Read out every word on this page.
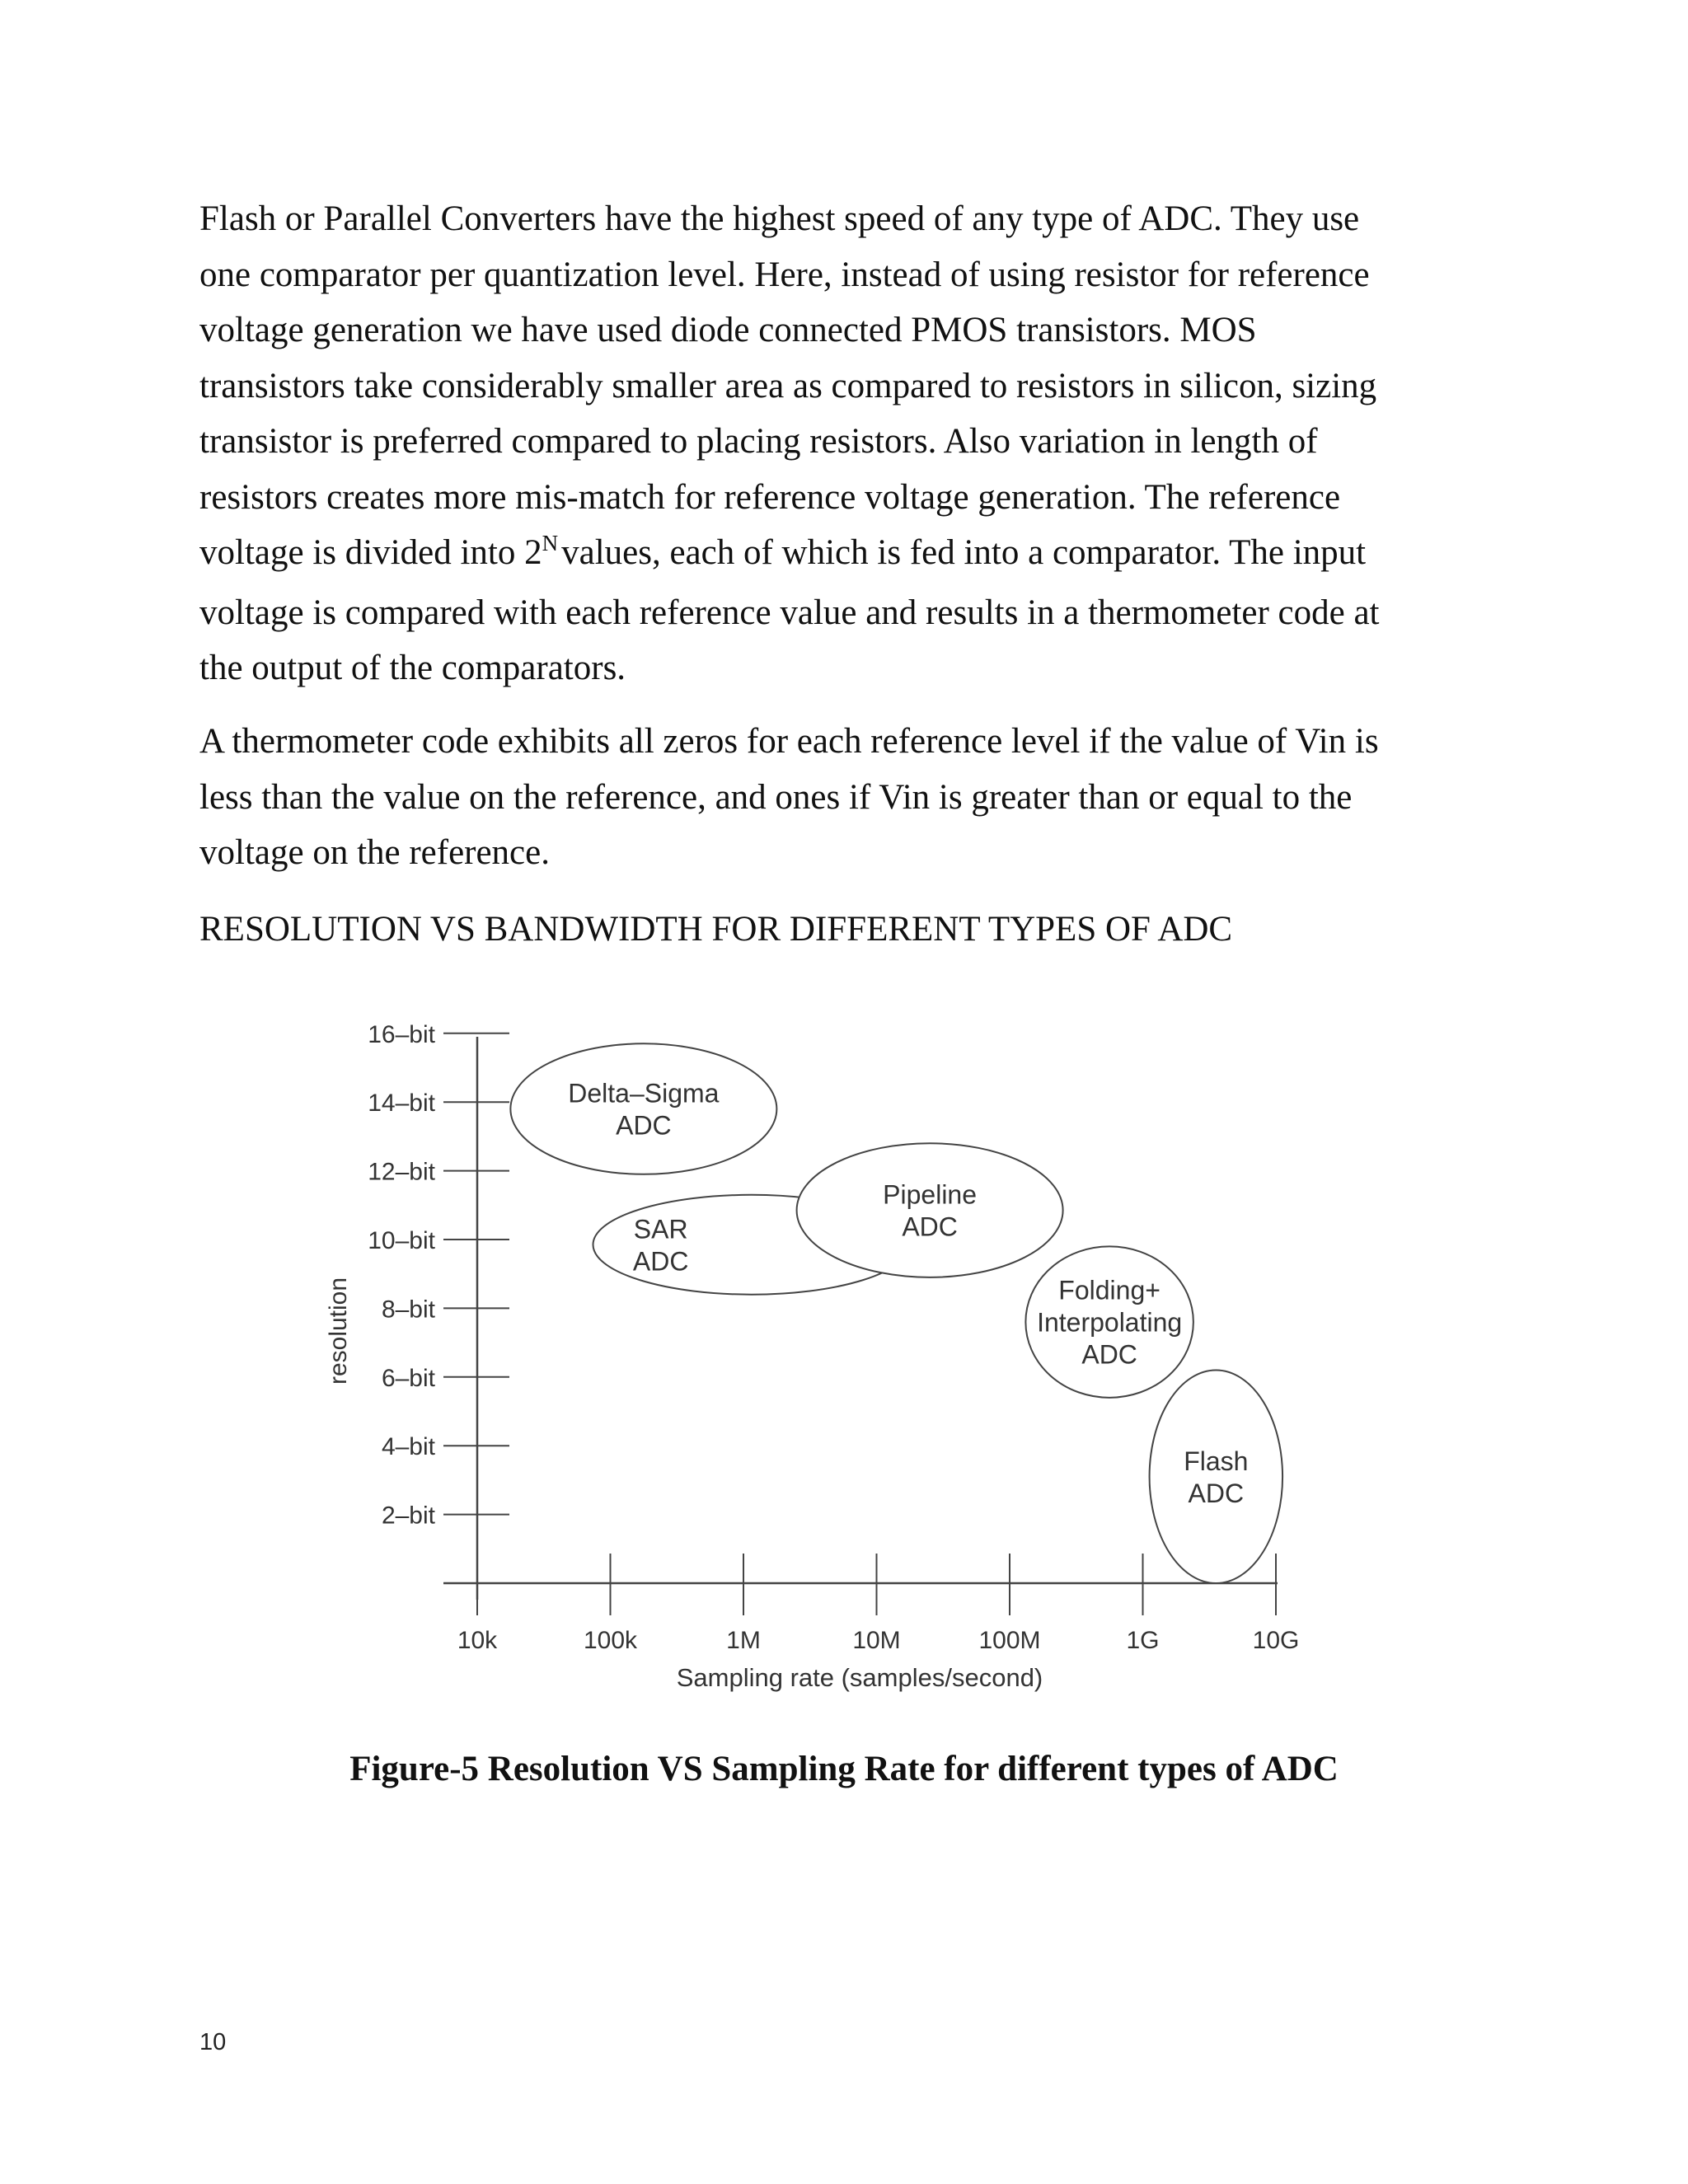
Flash or Parallel Converters have the highest speed of any type of ADC. They use
one comparator per quantization level. Here, instead of using resistor for reference
voltage generation we have used diode connected PMOS transistors. MOS
transistors take considerably smaller area as compared to resistors in silicon, sizing
transistor is preferred compared to placing resistors. Also variation in length of
resistors creates more mis-match for reference voltage generation. The reference
voltage is divided into $2^Nvalues$, each of which is fed into a comparator. The input
voltage is compared with each reference value and results in a thermometer code at
the output of the comparators.
A thermometer code exhibits all zeros for each reference level if the value of Vin is
less than the value on the reference, and ones if Vin is greater than or equal to the
voltage on the reference.
RESOLUTION VS BANDWIDTH FOR DIFFERENT TYPES OF ADC
16–bit
14–bit
12–bit
10–bit
8–bit
6–bit
4–bit
2–bit
10k	100k	1M	10M	100M	1G	10G
Sampling rate (samples/second)
resolution
Delta–Sigma
ADC
SAR
ADC
Pipeline
ADC
Folding+
Interpolating
ADC
Flash
ADC
Figure-5 Resolution VS Sampling Rate for different types of ADC
10
